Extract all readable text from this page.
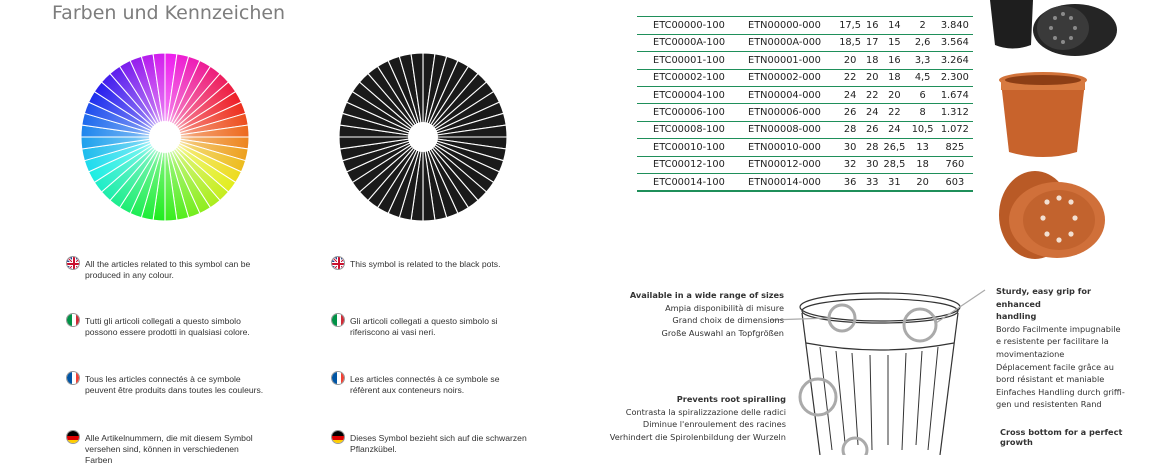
Farben und Kennzeichen
All the articles related to this symbol can be produced in any colour.
Tutti gli articoli collegati a questo simbolo possono essere prodotti in qualsiasi colore.
Tous les articles connectés à ce symbole peuvent être produits dans toutes les couleurs.
Alle Artikelnummern, die mit diesem Symbol versehen sind, können in verschiedenen Farben
This symbol is related to the black pots.
Gli articoli collegati a questo simbolo si riferiscono ai vasi neri.
Les articles connectés à ce symbole se réfèrent aux conteneurs noirs.
Dieses Symbol bezieht sich auf die schwarzen Pflanzkübel.

ETC00000-100	ETN00000-000	17,5	16	14	2	3.840
ETC0000A-100	ETN0000A-000	18,5	17	15	2,6	3.564
ETC00001-100	ETN00001-000	20	18	16	3,3	3.264
ETC00002-100	ETN00002-000	22	20	18	4,5	2.300
ETC00004-100	ETN00004-000	24	22	20	6	1.674
ETC00006-100	ETN00006-000	26	24	22	8	1.312
ETC00008-100	ETN00008-000	28	26	24	10,5	1.072
ETC00010-100	ETN00010-000	30	28	26,5	13	825
ETC00012-100	ETN00012-000	32	30	28,5	18	760
ETC00014-100	ETN00014-000	36	33	31	20	603
Available in a wide range of sizes
Ampia disponibilità di misure
Grand choix de dimensions
Große Auswahl an Topfgrößen
Prevents root spiralling
Contrasta la spiralizzazione delle radici
Diminue l'enroulement des racines
Verhindert die Spirolenbildung der Wurzeln
Sturdy, easy grip for enhanced
handling
Bordo Facilmente impugnabile
e resistente per facilitare la
movimentazione
Déplacement facile grâce au
bord résistant et maniable
Einfaches Handling durch griffi-
gen und resistenten Rand
Cross bottom for a perfect
growth
